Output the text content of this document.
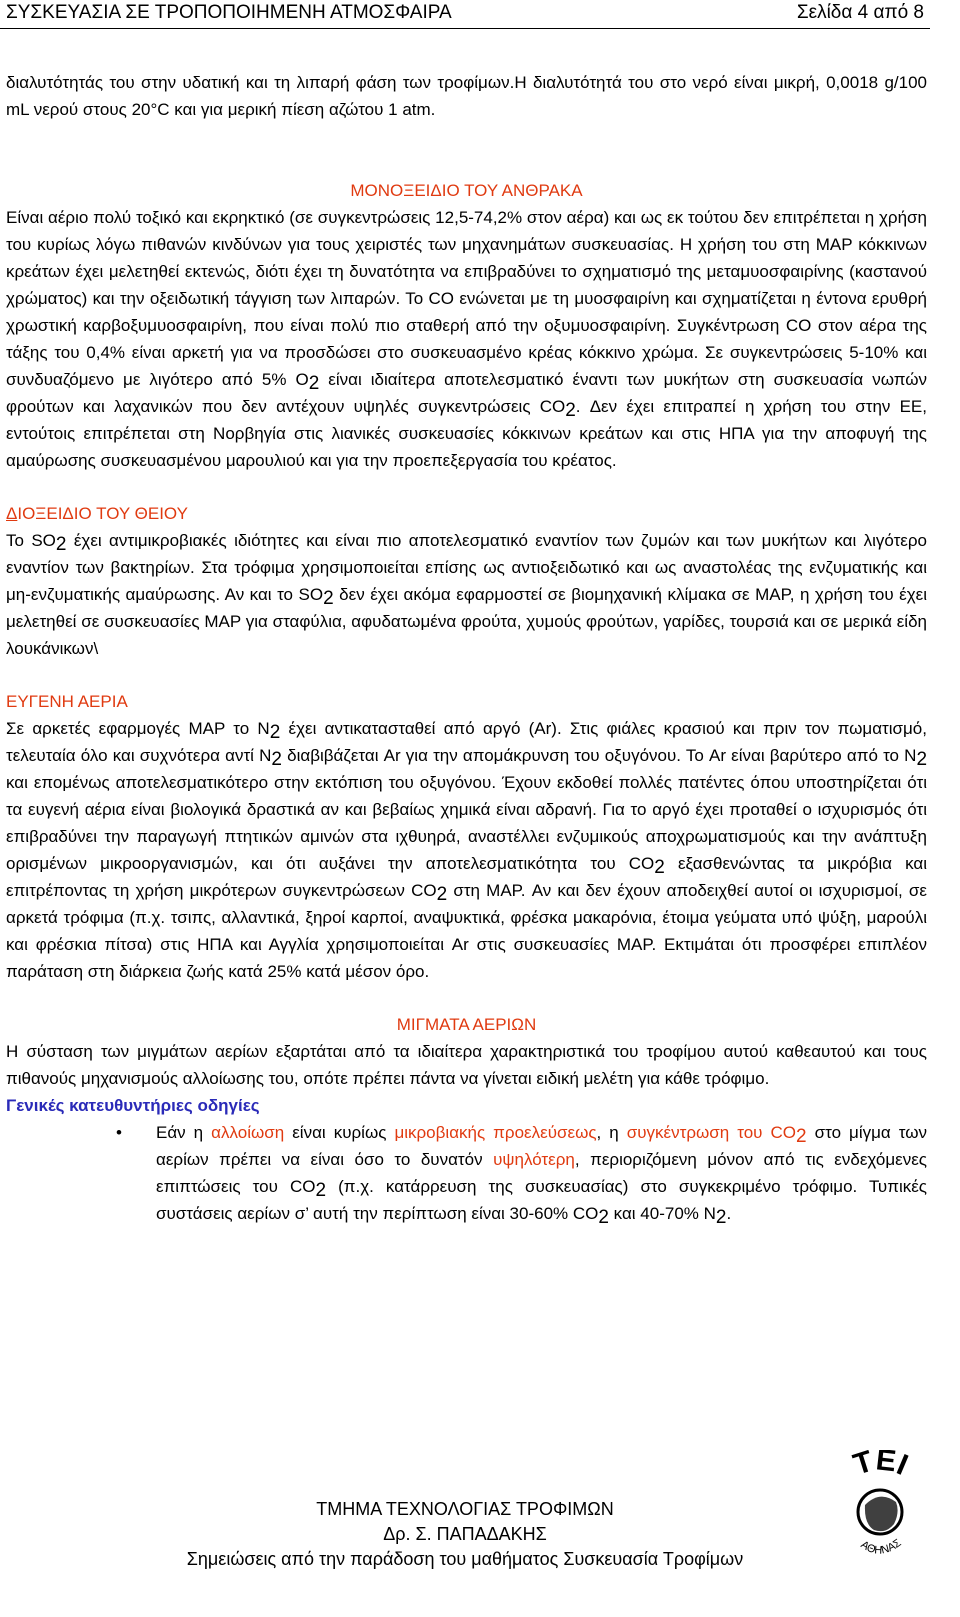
ΣΥΣΚΕΥΑΣΙΑ ΣΕ ΤΡΟΠΟΠΟΙΗΜΕΝΗ ΑΤΜΟΣΦΑΙΡΑ	Σελίδα 4 από 8

διαλυτότητάς του στην υδατική και τη λιπαρή φάση των τροφίμων.Η διαλυτότητά του στο νερό είναι μικρή, 0,0018 g/100 mL νερού στους 20°C και για μερική πίεση αζώτου 1 atm.

ΜΟΝΟΞΕΙΔΙΟ ΤΟΥ ΑΝΘΡΑΚΑ

Είναι αέριο πολύ τοξικό και εκρηκτικό (σε συγκεντρώσεις 12,5-74,2% στον αέρα) και ως εκ τούτου δεν επιτρέπεται η χρήση του κυρίως λόγω πιθανών κινδύνων για τους χειριστές των μηχανημάτων συσκευασίας. Η χρήση του στη MAP κόκκινων κρεάτων έχει μελετηθεί εκτενώς, διότι έχει τη δυνατότητα να επιβραδύνει το σχηματισμό της μεταμυοσφαιρίνης (καστανού χρώματος) και την οξειδωτική τάγγιση των λιπαρών. Το CO ενώνεται με τη μυοσφαιρίνη και σχηματίζεται η έντονα ερυθρή χρωστική καρβοξυμυοσφαιρίνη, που είναι πολύ πιο σταθερή από την οξυμυοσφαιρίνη. Συγκέντρωση CO στον αέρα της τάξης του 0,4% είναι αρκετή για να προσδώσει στο συσκευασμένο κρέας κόκκινο χρώμα. Σε συγκεντρώσεις 5-10% και συνδυαζόμενο με λιγότερο από 5% O2 είναι ιδιαίτερα αποτελεσματικό έναντι των μυκήτων στη συσκευασία νωπών φρούτων και λαχανικών που δεν αντέχουν υψηλές συγκεντρώσεις CO2. Δεν έχει επιτραπεί η χρήση του στην ΕΕ, εντούτοις επιτρέπεται στη Νορβηγία στις λιανικές συσκευασίες κόκκινων κρεάτων και στις ΗΠΑ για την αποφυγή της αμαύρωσης συσκευασμένου μαρουλιού και για την προεπεξεργασία του κρέατος.

ΔΙΟΞΕΙΔΙΟ ΤΟΥ ΘΕΙΟΥ

Το SO2 έχει αντιμικροβιακές ιδιότητες και είναι πιο αποτελεσματικό εναντίον των ζυμών και των μυκήτων και λιγότερο εναντίον των βακτηρίων. Στα τρόφιμα χρησιμοποιείται επίσης ως αντιοξειδωτικό και ως αναστολέας της ενζυματικής και μη-ενζυματικής αμαύρωσης. Αν και το SO2 δεν έχει ακόμα εφαρμοστεί σε βιομηχανική κλίμακα σε MAP, η χρήση του έχει μελετηθεί σε συσκευασίες MAP για σταφύλια, αφυδατωμένα φρούτα, χυμούς φρούτων, γαρίδες, τουρσιά και σε μερικά είδη λουκάνικων\

ΕΥΓΕΝΗ ΑΕΡΙΑ

Σε αρκετές εφαρμογές MAP το N2 έχει αντικατασταθεί από αργό (Ar). Στις φιάλες κρασιού και πριν τον πωματισμό, τελευταία όλο και συχνότερα αντί N2 διαβιβάζεται Ar για την απομάκρυνση του οξυγόνου. Το Ar είναι βαρύτερο από το N2 και επομένως αποτελεσματικότερο στην εκτόπιση του οξυγόνου. Έχουν εκδοθεί πολλές πατέντες όπου υποστηρίζεται ότι τα ευγενή αέρια είναι βιολογικά δραστικά αν και βεβαίως χημικά είναι αδρανή. Για το αργό έχει προταθεί ο ισχυρισμός ότι επιβραδύνει την παραγωγή πτητικών αμινών στα ιχθυηρά, αναστέλλει ενζυμικούς αποχρωματισμούς και την ανάπτυξη ορισμένων μικροοργανισμών, και ότι αυξάνει την αποτελεσματικότητα του CO2 εξασθενώντας τα μικρόβια και επιτρέποντας τη χρήση μικρότερων συγκεντρώσεων CO2 στη MAP. Αν και δεν έχουν αποδειχθεί αυτοί οι ισχυρισμοί, σε αρκετά τρόφιμα (π.χ. τσιπς, αλλαντικά, ξηροί καρποί, αναψυκτικά, φρέσκα μακαρόνια, έτοιμα γεύματα υπό ψύξη, μαρούλι και φρέσκια πίτσα) στις ΗΠΑ και Αγγλία χρησιμοποιείται Ar στις συσκευασίες MAP. Εκτιμάται ότι προσφέρει επιπλέον παράταση στη διάρκεια ζωής κατά 25% κατά μέσον όρο.

ΜΙΓΜΑΤΑ ΑΕΡΙΩΝ

Η σύσταση των μιγμάτων αερίων εξαρτάται από τα ιδιαίτερα χαρακτηριστικά του τροφίμου αυτού καθεαυτού και τους πιθανούς μηχανισμούς αλλοίωσης του, οπότε πρέπει πάντα να γίνεται ειδική μελέτη για κάθε τρόφιμο.

Γενικές κατευθυντήριες οδηγίες

•	Εάν η αλλοίωση είναι κυρίως μικροβιακής προελεύσεως, η συγκέντρωση του CO2 στο μίγμα των αερίων πρέπει να είναι όσο το δυνατόν υψηλότερη, περιοριζόμενη μόνον από τις ενδεχόμενες επιπτώσεις του CO2 (π.χ. κατάρρευση της συσκευασίας) στο συγκεκριμένο τρόφιμο. Τυπικές συστάσεις αερίων σ’ αυτή την περίπτωση είναι 30-60% CO2 και 40-70% N2.

ΤΕΙ
ΑΘΗΝΑΣ
ΤΜΗΜΑ ΤΕΧΝΟΛΟΓΙΑΣ ΤΡΟΦΙΜΩΝ
Δρ. Σ. ΠΑΠΑΔΑΚΗΣ
Σημειώσεις από την παράδοση του μαθήματος Συσκευασία Τροφίμων
